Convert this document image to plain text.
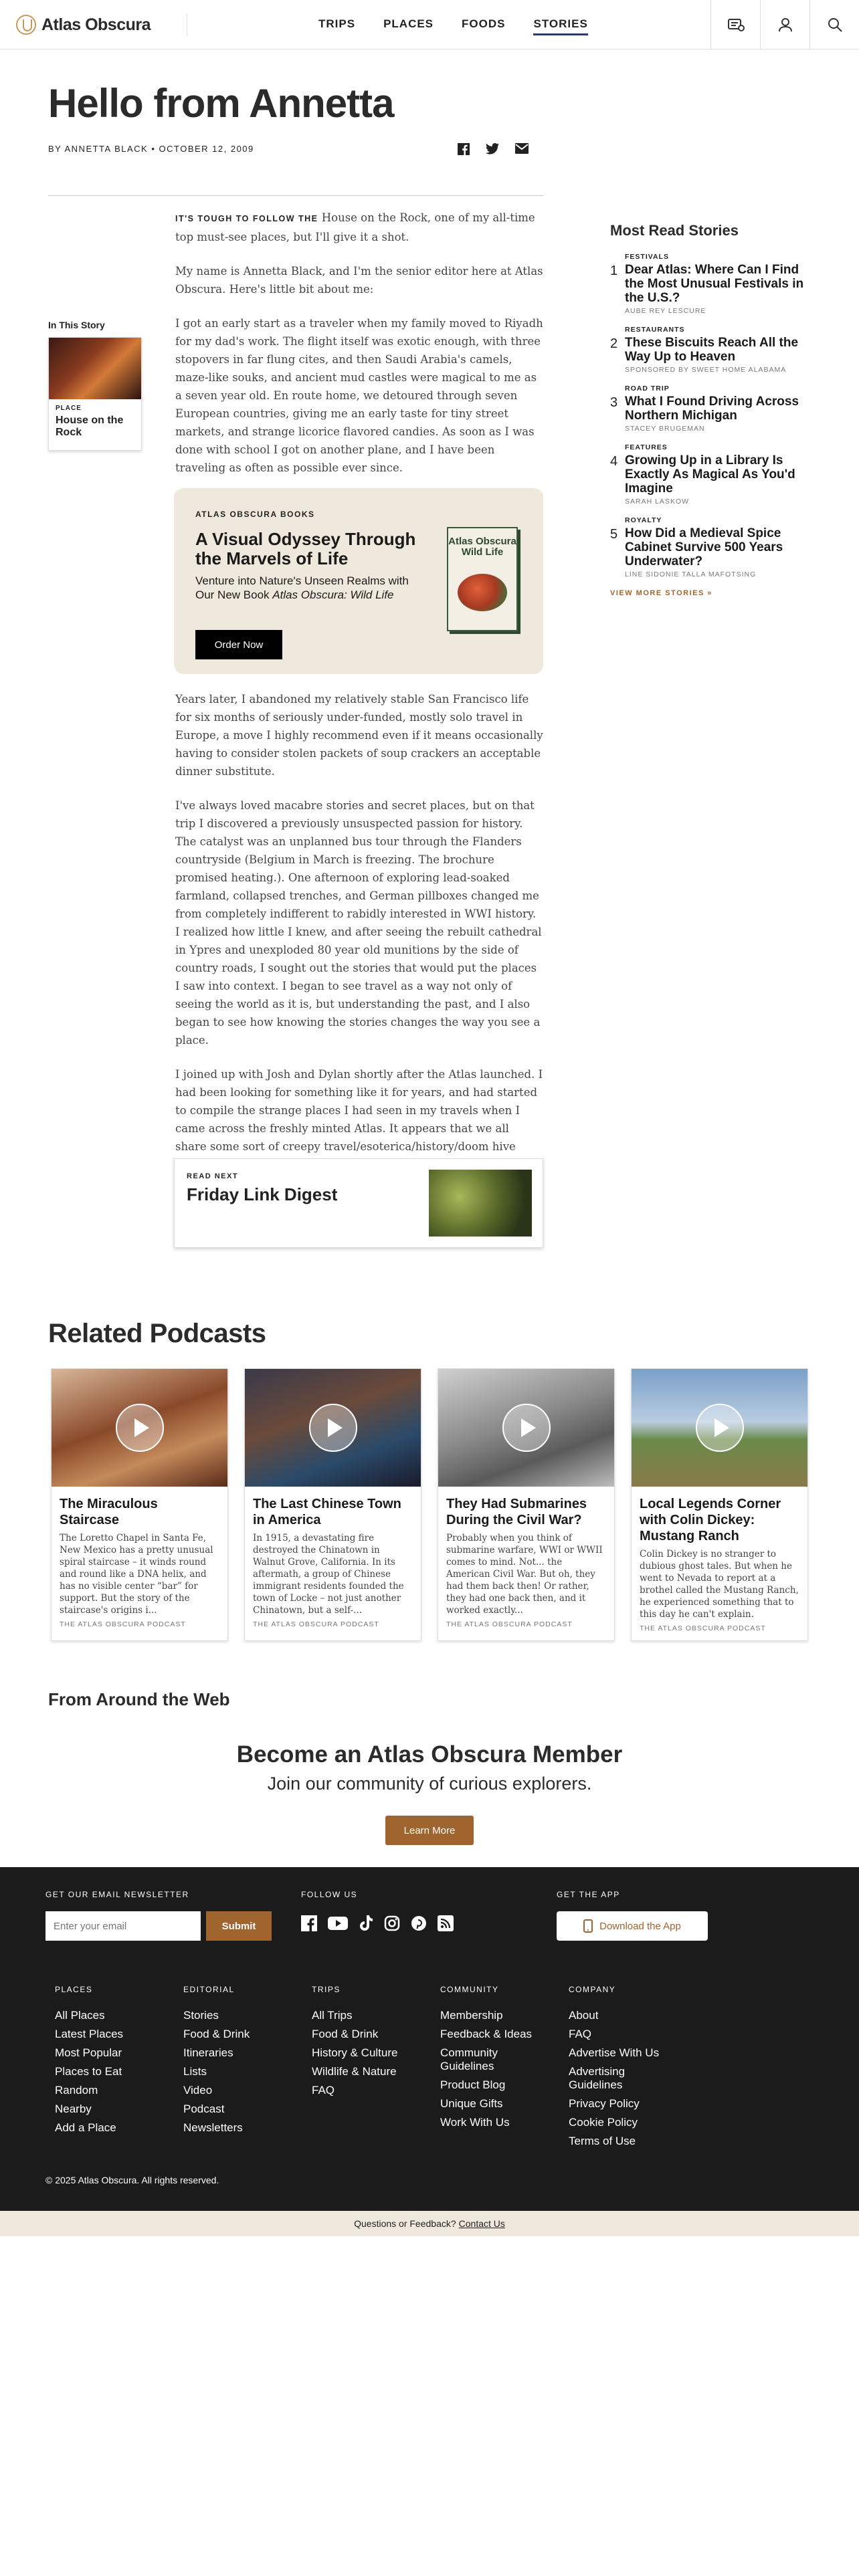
Atlas Obscura	TRIPS PLACES FOODS STORIES
Hello from Annetta
BY ANNETTA BLACK • OCTOBER 12, 2009
In This Story
PLACE
House on the Rock

IT'S TOUGH TO FOLLOW THE House on the Rock, one of my all-time top must-see places, but I'll give it a shot.

My name is Annetta Black, and I'm the senior editor here at Atlas Obscura. Here's little bit about me:

I got an early start as a traveler when my family moved to Riyadh for my dad's work. The flight itself was exotic enough, with three stopovers in far flung cites, and then Saudi Arabia's camels, maze-like souks, and ancient mud castles were magical to me as a seven year old. En route home, we detoured through seven European countries, giving me an early taste for tiny street markets, and strange licorice flavored candies. As soon as I was done with school I got on another plane, and I have been traveling as often as possible ever since.

ATLAS OBSCURA BOOKS
A Visual Odyssey Through the Marvels of Life
Venture into Nature's Unseen Realms with Our New Book Atlas Obscura: Wild Life
Order Now
Atlas Obscura Wild Life

Years later, I abandoned my relatively stable San Francisco life for six months of seriously under-funded, mostly solo travel in Europe, a move I highly recommend even if it means occasionally having to consider stolen packets of soup crackers an acceptable dinner substitute.

I've always loved macabre stories and secret places, but on that trip I discovered a previously unsuspected passion for history. The catalyst was an unplanned bus tour through the Flanders countryside (Belgium in March is freezing. The brochure promised heating.). One afternoon of exploring lead-soaked farmland, collapsed trenches, and German pillboxes changed me from completely indifferent to rabidly interested in WWI history. I realized how little I knew, and after seeing the rebuilt cathedral in Ypres and unexploded 80 year old munitions by the side of country roads, I sought out the stories that would put the places I saw into context. I began to see travel as a way not only of seeing the world as it is, but understanding the past, and I also began to see how knowing the stories changes the way you see a place.

I joined up with Josh and Dylan shortly after the Atlas launched. I had been looking for something like it for years, and had started to compile the strange places I had seen in my travels when I came across the freshly minted Atlas. It appears that we all share some sort of creepy travel/esoterica/history/doom hive

READ NEXT
Friday Link Digest
Most Read Stories
1
FESTIVALS
Dear Atlas: Where Can I Find the Most Unusual Festivals in the U.S.?
AUBE REY LESCURE
2
RESTAURANTS
These Biscuits Reach All the Way Up to Heaven
SPONSORED BY SWEET HOME ALABAMA
3
ROAD TRIP
What I Found Driving Across Northern Michigan
STACEY BRUGEMAN
4
FEATURES
Growing Up in a Library Is Exactly As Magical As You'd Imagine
SARAH LASKOW
5
ROYALTY
How Did a Medieval Spice Cabinet Survive 500 Years Underwater?
LINE SIDONIE TALLA MAFOTSING
VIEW MORE STORIES »
Related Podcasts
The Miraculous Staircase
The Loretto Chapel in Santa Fe, New Mexico has a pretty unusual spiral staircase – it winds round and round like a DNA helix, and has no visible center “bar” for support. But the story of the staircase's origins i...
THE ATLAS OBSCURA PODCAST
The Last Chinese Town in America
In 1915, a devastating fire destroyed the Chinatown in Walnut Grove, California. In its aftermath, a group of Chinese immigrant residents founded the town of Locke – not just another Chinatown, but a self-...
THE ATLAS OBSCURA PODCAST
They Had Submarines During the Civil War?
Probably when you think of submarine warfare, WWI or WWII comes to mind. Not... the American Civil War. But oh, they had them back then! Or rather, they had one back then, and it worked exactly...
THE ATLAS OBSCURA PODCAST
Local Legends Corner with Colin Dickey: Mustang Ranch
Colin Dickey is no stranger to dubious ghost tales. But when he went to Nevada to report at a brothel called the Mustang Ranch, he experienced something that to this day he can't explain.
THE ATLAS OBSCURA PODCAST
From Around the Web
Become an Atlas Obscura Member
Join our community of curious explorers.
Learn More
GET OUR EMAIL NEWSLETTER
Enter your email
Submit
FOLLOW US	GET THE APP
Download the App
PLACES
All Places
Latest Places
Most Popular
Places to Eat
Random
Nearby
Add a Place
EDITORIAL
Stories
Food & Drink
Itineraries
Lists
Video
Podcast
Newsletters
TRIPS
All Trips
Food & Drink
History & Culture
Wildlife & Nature
FAQ
COMMUNITY
Membership
Feedback & Ideas
Community Guidelines
Product Blog
Unique Gifts
Work With Us
COMPANY
About
FAQ
Advertise With Us
Advertising Guidelines
Privacy Policy
Cookie Policy
Terms of Use
© 2025 Atlas Obscura. All rights reserved.
Questions or Feedback? Contact Us
